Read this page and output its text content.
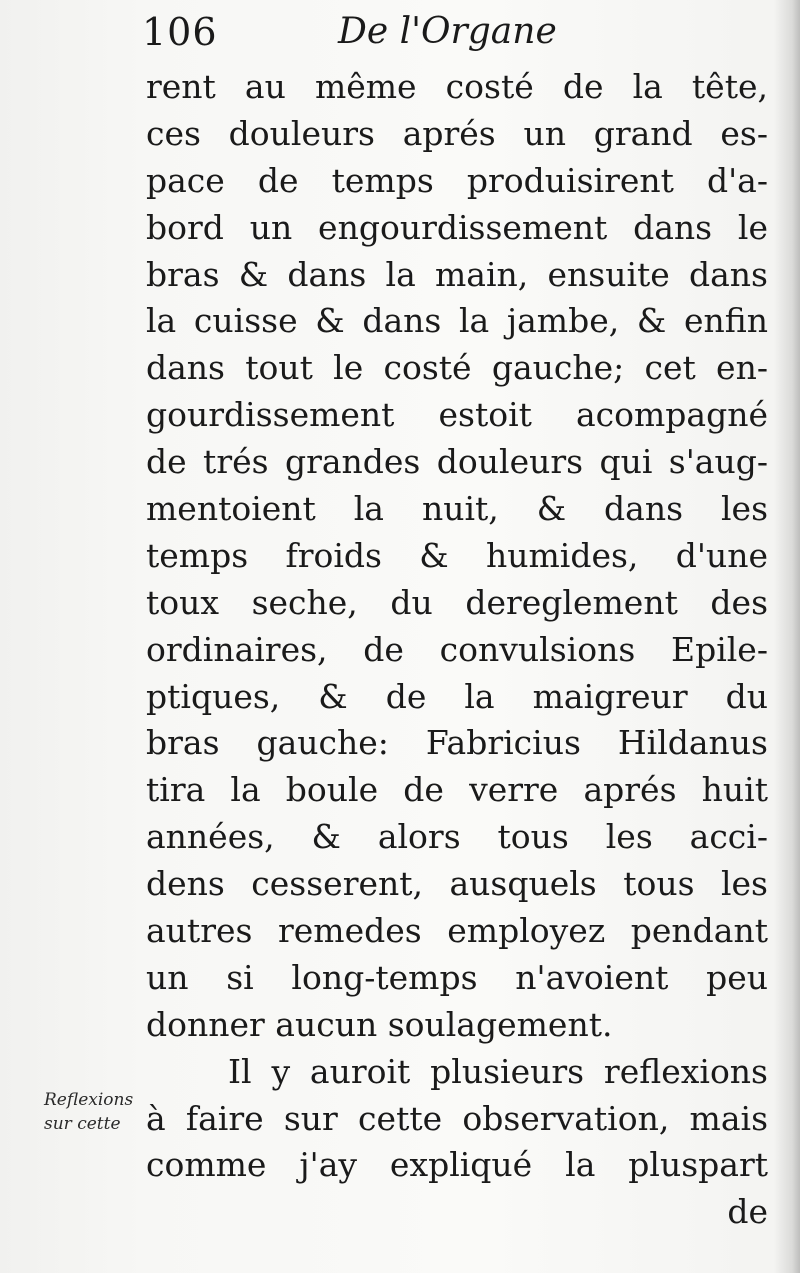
106	De l'Organe
rent au même costé de la tête,
ces douleurs aprés un grand es-
pace de temps produisirent d'a-
bord un engourdissement dans le
bras & dans la main, ensuite dans
la cuisse & dans la jambe, & enfin
dans tout le costé gauche; cet en-
gourdissement estoit acompagné
de trés grandes douleurs qui s'aug-
mentoient la nuit, & dans les
temps froids & humides, d'une
toux seche, du dereglement des
ordinaires, de convulsions Epile-
ptiques, & de la maigreur du
bras gauche: Fabricius Hildanus
tira la boule de verre aprés huit
années, & alors tous les acci-
dens cesserent, ausquels tous les
autres remedes employez pendant
un si long-temps n'avoient peu
donner aucun soulagement.
Il y auroit plusieurs reflexions
à faire sur cette observation, mais
comme j'ay expliqué la pluspart
de
Reflexions
sur cette
